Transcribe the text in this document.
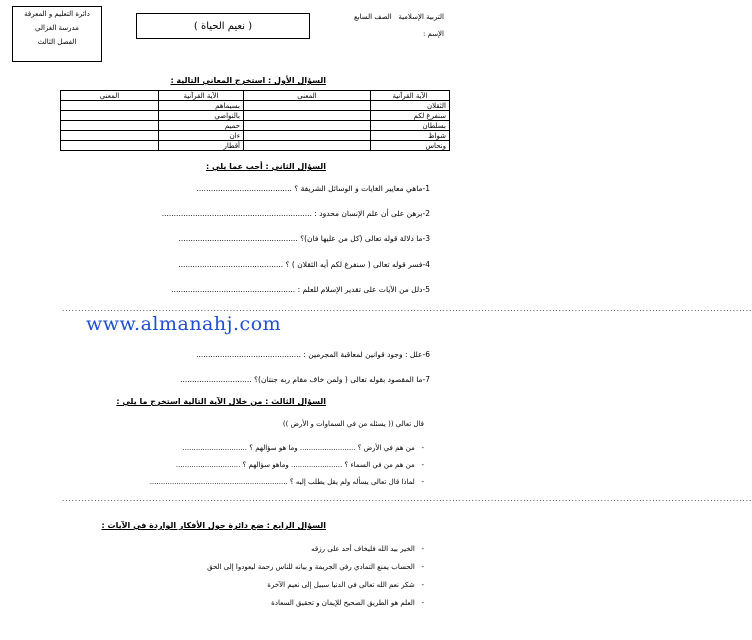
التربية الإسلامية
الصف السابع
الإسم :
( نعيم الحياة )
دائرة التعليم و المعرفة
مدرسة الغزالي
الفصل الثالث
السؤال الأول : استخرج المعاني التالية :
الآية القرآنية	المعنى	الآية القرآنية	المعنى
الثقلان		بسيماهم	
سنفرغ لكم		بالنواصي	
بسلطان		حميم	
شواظ		ءان	
ونحاس		أقطار	
السؤال الثاني : أجب عما يلي :
1-ماهي معايير الغايات و الوسائل الشريفة ؟ ........................................
2-برهن على أن علم الإنسان محدود : ...............................................................
3-ما دلالة قوله تعالى (كل من عليها فان)؟ ..................................................
4-فسر قوله تعالى ( سنفرغ لكم أيه الثقلان ) ؟ ............................................
5-دلل من الآيات على تقدير الإسلام للعلم : ....................................................
......................................................................................................................................................................................................................
www.almanahj.com
6-علل : وجود قوانين لمعاقبة المجرمين : ............................................
7-ما المقصود بقوله تعالى ( ولمن خاف مقام ربه جنتان)؟ ..............................
السؤال الثالث : من خلال الآية التالية استخرج ما يلي :
قال تعالى (( يسئله من في السماوات و الأرض ))
-   من هم في الأرض ؟ ......................... وما هو سؤالهم ؟ .............................
-   من هم من في السماء ؟ ....................... وماهو سؤالهم ؟ .............................
-   لماذا قال تعالى يسأله ولم يقل يطلب إليه ؟ ..............................................................
......................................................................................................................................................................................................................
السؤال الرابع : ضع دائرة حول الأفكار الواردة في الآيات :
-   الخير بيد الله فليخاف أحد على رزقه
-   الحساب يمنع التمادي رفي الجريمة و بيانه للناس رحمة ليعودوا إلى الحق
-   شكر نعم الله تعالى في الدنيا سبيل إلى نعيم الآخرة
-   العلم هو الطريق الصحيح للإيمان و تحقيق السعادة
